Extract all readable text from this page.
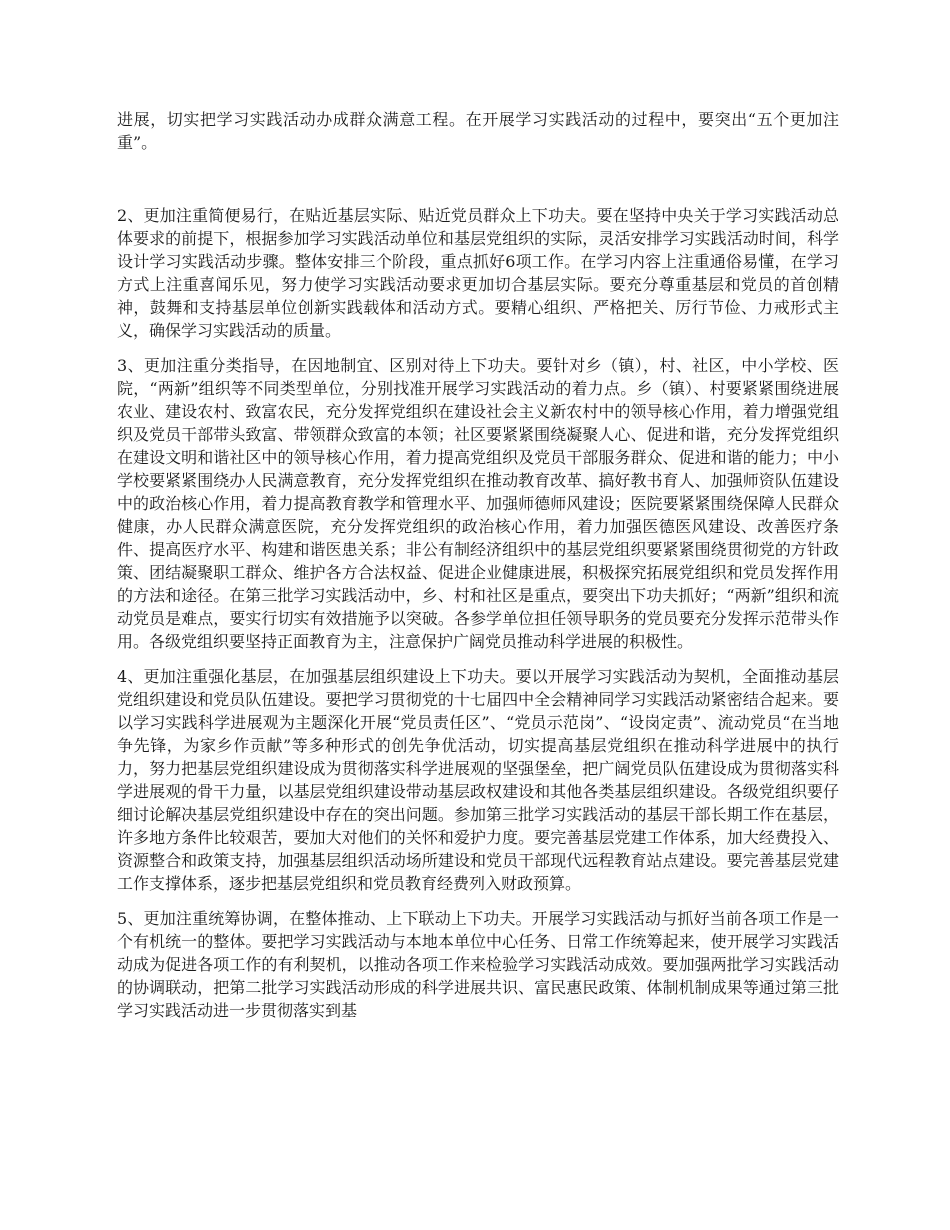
进展，切实把学习实践活动办成群众满意工程。在开展学习实践活动的过程中，要突出“五个更加注重”。

2、更加注重简便易行，在贴近基层实际、贴近党员群众上下功夫。要在坚持中央关于学习实践活动总体要求的前提下，根据参加学习实践活动单位和基层党组织的实际，灵活安排学习实践活动时间，科学设计学习实践活动步骤。整体安排三个阶段，重点抓好6项工作。在学习内容上注重通俗易懂，在学习方式上注重喜闻乐见，努力使学习实践活动要求更加切合基层实际。要充分尊重基层和党员的首创精神，鼓舞和支持基层单位创新实践载体和活动方式。要精心组织、严格把关、厉行节俭、力戒形式主义，确保学习实践活动的质量。

3、更加注重分类指导，在因地制宜、区别对待上下功夫。要针对乡（镇），村、社区，中小学校、医院，“两新”组织等不同类型单位，分别找准开展学习实践活动的着力点。乡（镇）、村要紧紧围绕进展农业、建设农村、致富农民，充分发挥党组织在建设社会主义新农村中的领导核心作用，着力增强党组织及党员干部带头致富、带领群众致富的本领；社区要紧紧围绕凝聚人心、促进和谐，充分发挥党组织在建设文明和谐社区中的领导核心作用，着力提高党组织及党员干部服务群众、促进和谐的能力；中小学校要紧紧围绕办人民满意教育，充分发挥党组织在推动教育改革、搞好教书育人、加强师资队伍建设中的政治核心作用，着力提高教育教学和管理水平、加强师德师风建设；医院要紧紧围绕保障人民群众健康，办人民群众满意医院，充分发挥党组织的政治核心作用，着力加强医德医风建设、改善医疗条件、提高医疗水平、构建和谐医患关系；非公有制经济组织中的基层党组织要紧紧围绕贯彻党的方针政策、团结凝聚职工群众、维护各方合法权益、促进企业健康进展，积极探究拓展党组织和党员发挥作用的方法和途径。在第三批学习实践活动中，乡、村和社区是重点，要突出下功夫抓好；“两新”组织和流动党员是难点，要实行切实有效措施予以突破。各参学单位担任领导职务的党员要充分发挥示范带头作用。各级党组织要坚持正面教育为主，注意保护广阔党员推动科学进展的积极性。

4、更加注重强化基层，在加强基层组织建设上下功夫。要以开展学习实践活动为契机，全面推动基层党组织建设和党员队伍建设。要把学习贯彻党的十七届四中全会精神同学习实践活动紧密结合起来。要以学习实践科学进展观为主题深化开展“党员责任区”、“党员示范岗”、“设岗定责”、流动党员“在当地争先锋，为家乡作贡献”等多种形式的创先争优活动，切实提高基层党组织在推动科学进展中的执行力，努力把基层党组织建设成为贯彻落实科学进展观的坚强堡垒，把广阔党员队伍建设成为贯彻落实科学进展观的骨干力量，以基层党组织建设带动基层政权建设和其他各类基层组织建设。各级党组织要仔细讨论解决基层党组织建设中存在的突出问题。参加第三批学习实践活动的基层干部长期工作在基层，许多地方条件比较艰苦，要加大对他们的关怀和爱护力度。要完善基层党建工作体系，加大经费投入、资源整合和政策支持，加强基层组织活动场所建设和党员干部现代远程教育站点建设。要完善基层党建工作支撑体系，逐步把基层党组织和党员教育经费列入财政预算。

5、更加注重统筹协调，在整体推动、上下联动上下功夫。开展学习实践活动与抓好当前各项工作是一个有机统一的整体。要把学习实践活动与本地本单位中心任务、日常工作统筹起来，使开展学习实践活动成为促进各项工作的有利契机，以推动各项工作来检验学习实践活动成效。要加强两批学习实践活动的协调联动，把第二批学习实践活动形成的科学进展共识、富民惠民政策、体制机制成果等通过第三批学习实践活动进一步贯彻落实到基
